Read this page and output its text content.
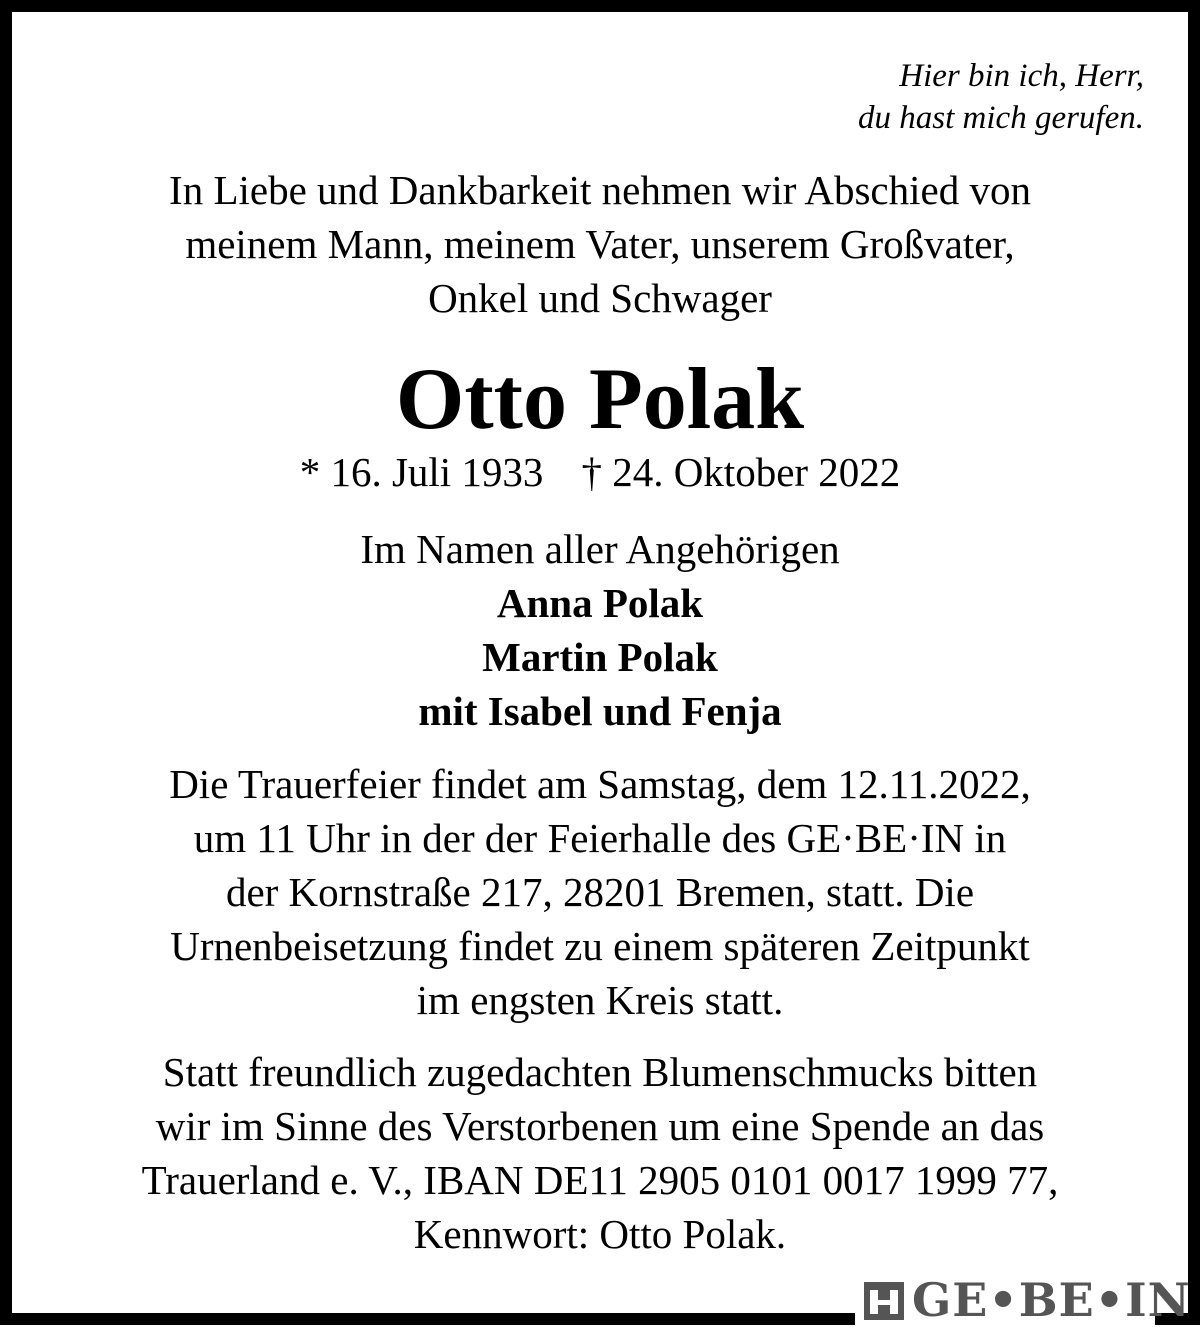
Hier bin ich, Herr,
du hast mich gerufen.
In Liebe und Dankbarkeit nehmen wir Abschied von
meinem Mann, meinem Vater, unserem Großvater,
Onkel und Schwager
Otto Polak
* 16. Juli 1933 † 24. Oktober 2022
Im Namen aller Angehörigen
Anna Polak
Martin Polak
mit Isabel und Fenja
Die Trauerfeier findet am Samstag, dem 12.11.2022,
um 11 Uhr in der der Feierhalle des GE·BE·IN in
der Kornstraße 217, 28201 Bremen, statt. Die
Urnenbeisetzung findet zu einem späteren Zeitpunkt
im engsten Kreis statt.
Statt freundlich zugedachten Blumenschmucks bitten
wir im Sinne des Verstorbenen um eine Spende an das
Trauerland e. V., IBAN DE11 2905 0101 0017 1999 77,
Kennwort: Otto Polak.
GE•BE•IN
